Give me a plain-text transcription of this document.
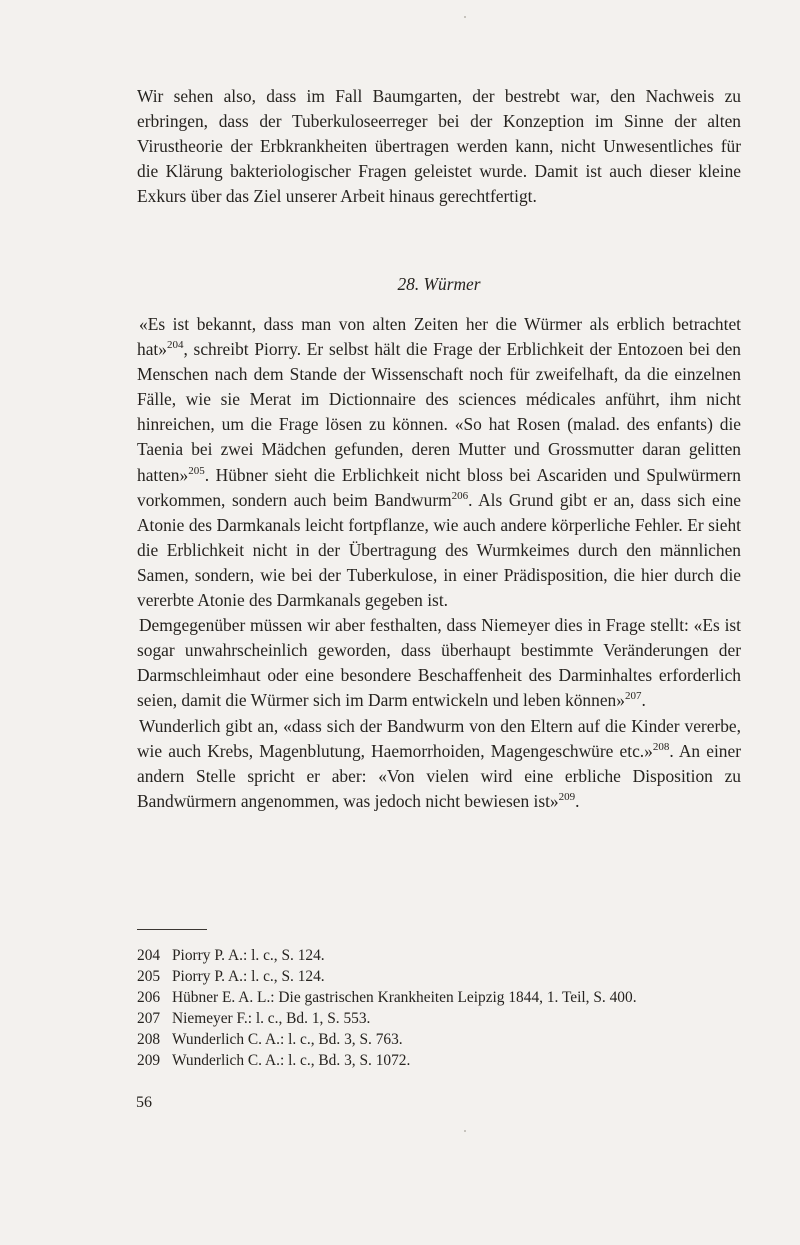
Wir sehen also, dass im Fall Baumgarten, der bestrebt war, den Nachweis zu erbringen, dass der Tuberkuloseerreger bei der Konzeption im Sinne der alten Virustheorie der Erbkrankheiten übertragen werden kann, nicht Unwesentliches für die Klärung bakteriologischer Fragen geleistet wurde. Damit ist auch dieser kleine Exkurs über das Ziel unserer Arbeit hinaus gerechtfertigt.

28. Würmer

«Es ist bekannt, dass man von alten Zeiten her die Würmer als erblich betrachtet hat»$^{204}$, schreibt Piorry. Er selbst hält die Frage der Erblichkeit der Entozoen bei den Menschen nach dem Stande der Wissenschaft noch für zweifelhaft, da die einzelnen Fälle, wie sie Merat im Dictionnaire des sciences médicales anführt, ihm nicht hinreichen, um die Frage lösen zu können. «So hat Rosen (malad. des enfants) die Taenia bei zwei Mädchen gefunden, deren Mutter und Grossmutter daran gelitten hatten»$^{205}$. Hübner sieht die Erblichkeit nicht bloss bei Ascariden und Spulwürmern vorkommen, sondern auch beim Bandwurm$^{206}$. Als Grund gibt er an, dass sich eine Atonie des Darmkanals leicht fortpflanze, wie auch andere körperliche Fehler. Er sieht die Erblichkeit nicht in der Übertragung des Wurmkeimes durch den männlichen Samen, sondern, wie bei der Tuberkulose, in einer Prädisposition, die hier durch die vererbte Atonie des Darmkanals gegeben ist.

Demgegenüber müssen wir aber festhalten, dass Niemeyer dies in Frage stellt: «Es ist sogar unwahrscheinlich geworden, dass überhaupt bestimmte Veränderungen der Darmschleimhaut oder eine besondere Beschaffenheit des Darminhaltes erforderlich seien, damit die Würmer sich im Darm entwickeln und leben können»$^{207}$.

Wunderlich gibt an, «dass sich der Bandwurm von den Eltern auf die Kinder vererbe, wie auch Krebs, Magenblutung, Haemorrhoiden, Magengeschwüre etc.»$^{208}$. An einer andern Stelle spricht er aber: «Von vielen wird eine erbliche Disposition zu Bandwürmern angenommen, was jedoch nicht bewiesen ist»$^{209}$.

204 Piorry P. A.: l. c., S. 124.
205 Piorry P. A.: l. c., S. 124.
206 Hübner E. A. L.: Die gastrischen Krankheiten Leipzig 1844, 1. Teil, S. 400.
207 Niemeyer F.: l. c., Bd. 1, S. 553.
208 Wunderlich C. A.: l. c., Bd. 3, S. 763.
209 Wunderlich C. A.: l. c., Bd. 3, S. 1072.
56
